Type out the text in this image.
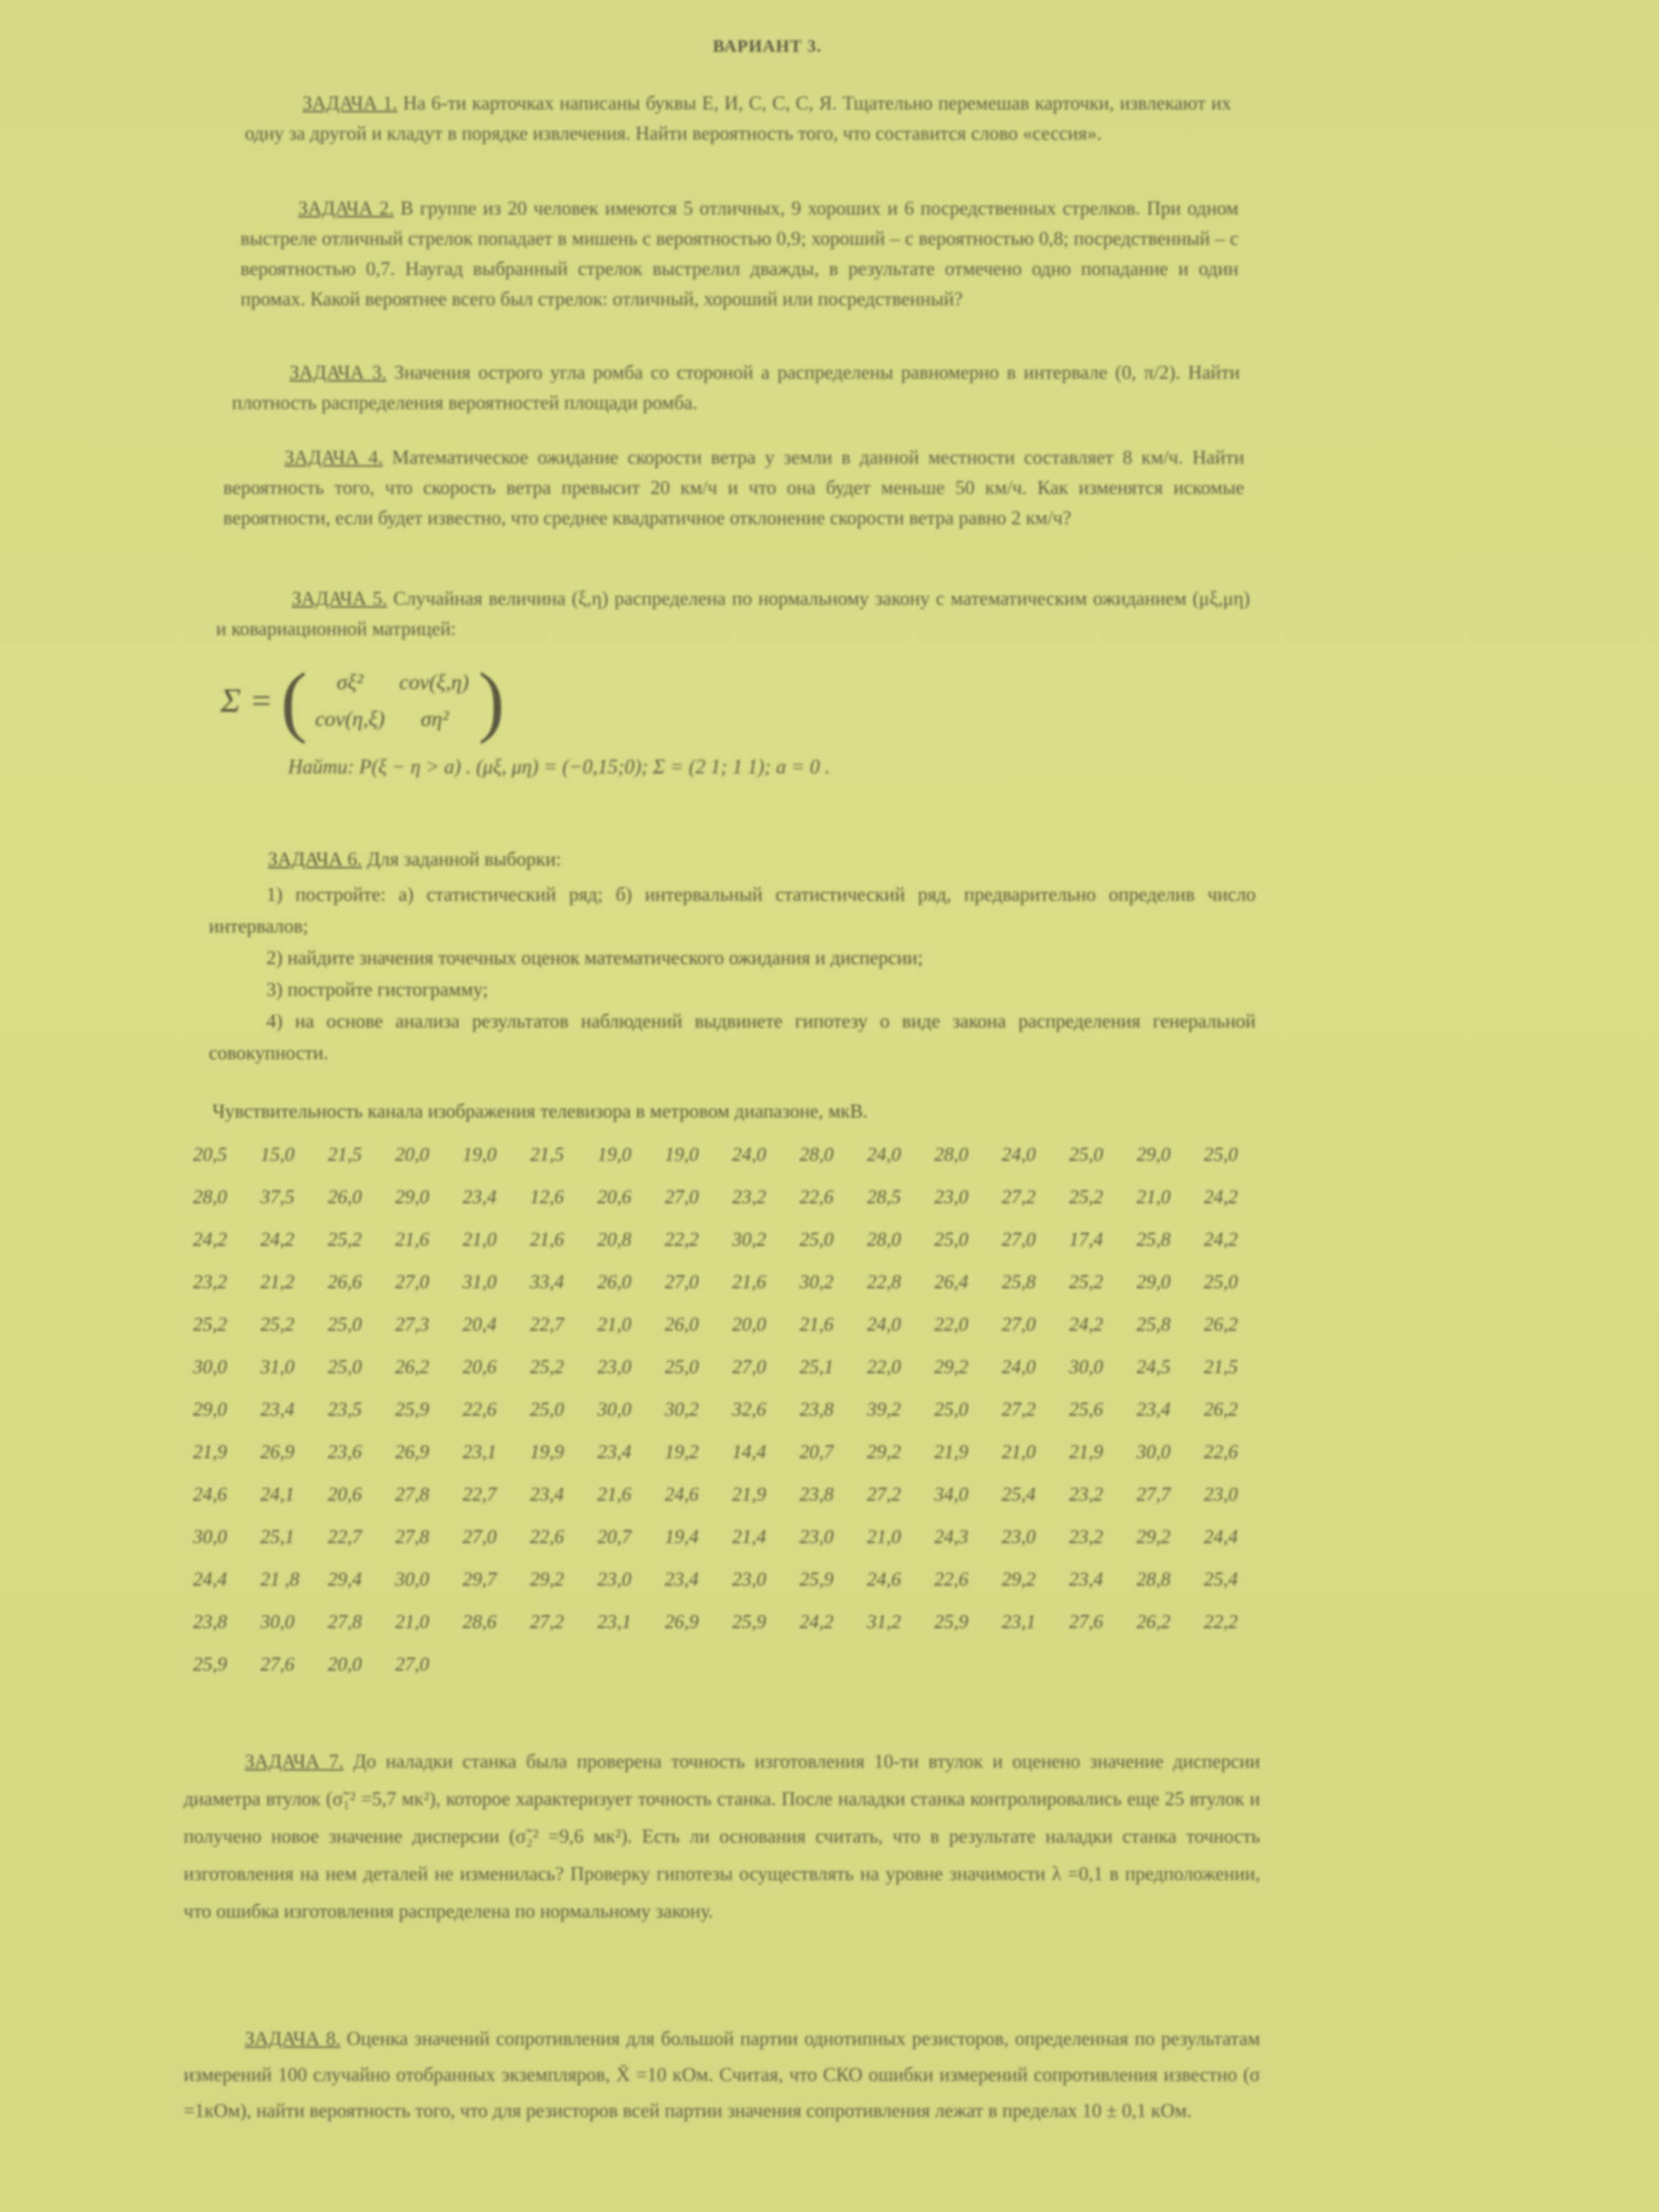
ВАРИАНТ 3.
ЗАДАЧА 1. На 6-ти карточках написаны буквы Е, И, С, С, С, Я. Тщательно перемешав карточки, извлекают их одну за другой и кладут в порядке извлечения. Найти вероятность того, что составится слово «сессия».
ЗАДАЧА 2. В группе из 20 человек имеются 5 отличных, 9 хороших и 6 посредственных стрелков. При одном выстреле отличный стрелок попадает в мишень с вероятностью 0,9; хороший – с вероятностью 0,8; посредственный – с вероятностью 0,7. Наугад выбранный стрелок выстрелил дважды, в результате отмечено одно попадание и один промах. Какой вероятнее всего был стрелок: отличный, хороший или посредственный?
ЗАДАЧА 3. Значения острого угла ромба со стороной a распределены равномерно в интервале (0, π/2). Найти плотность распределения вероятностей площади ромба.
ЗАДАЧА 4. Математическое ожидание скорости ветра у земли в данной местности составляет 8 км/ч. Найти вероятность того, что скорость ветра превысит 20 км/ч и что она будет меньше 50 км/ч. Как изменятся искомые вероятности, если будет известно, что среднее квадратичное отклонение скорости ветра равно 2 км/ч?
ЗАДАЧА 5. Случайная величина (ξ,η) распределена по нормальному закону с математическим ожиданием (μξ,μη) и ковариационной матрицей:
Σ =	(	σξ²	cov(ξ,η)	)
		cov(η,ξ)	ση²	
Найти: P(ξ − η > a) . (μξ, μη) = (−0,15;0); Σ = (2 1; 1 1); a = 0 .
ЗАДАЧА 6. Для заданной выборки:
1) постройте: а) статистический ряд; б) интервальный статистический ряд, предварительно определив число интервалов;
2) найдите значения точечных оценок математического ожидания и дисперсии;
3) постройте гистограмму;
4) на основе анализа результатов наблюдений выдвинете гипотезу о виде закона распределения генеральной совокупности.
Чувствительность канала изображения телевизора в метровом диапазоне, мкВ.
20,5	15,0	21,5	20,0	19,0	21,5	19,0	19,0	24,0	28,0	24,0	28,0	24,0	25,0	29,0	25,0
28,0	37,5	26,0	29,0	23,4	12,6	20,6	27,0	23,2	22,6	28,5	23,0	27,2	25,2	21,0	24,2
24,2	24,2	25,2	21,6	21,0	21,6	20,8	22,2	30,2	25,0	28,0	25,0	27,0	17,4	25,8	24,2
23,2	21,2	26,6	27,0	31,0	33,4	26,0	27,0	21,6	30,2	22,8	26,4	25,8	25,2	29,0	25,0
25,2	25,2	25,0	27,3	20,4	22,7	21,0	26,0	20,0	21,6	24,0	22,0	27,0	24,2	25,8	26,2
30,0	31,0	25,0	26,2	20,6	25,2	23,0	25,0	27,0	25,1	22,0	29,2	24,0	30,0	24,5	21,5
29,0	23,4	23,5	25,9	22,6	25,0	30,0	30,2	32,6	23,8	39,2	25,0	27,2	25,6	23,4	26,2
21,9	26,9	23,6	26,9	23,1	19,9	23,4	19,2	14,4	20,7	29,2	21,9	21,0	21,9	30,0	22,6
24,6	24,1	20,6	27,8	22,7	23,4	21,6	24,6	21,9	23,8	27,2	34,0	25,4	23,2	27,7	23,0
30,0	25,1	22,7	27,8	27,0	22,6	20,7	19,4	21,4	23,0	21,0	24,3	23,0	23,2	29,2	24,4
24,4	21 ,8	29,4	30,0	29,7	29,2	23,0	23,4	23,0	25,9	24,6	22,6	29,2	23,4	28,8	25,4
23,8	30,0	27,8	21,0	28,6	27,2	23,1	26,9	25,9	24,2	31,2	25,9	23,1	27,6	26,2	22,2
25,9	27,6	20,0	27,0
ЗАДАЧА 7. До наладки станка была проверена точность изготовления 10-ти втулок и оценено значение дисперсии диаметра втулок (σ̃₁² =5,7 мк²), которое характеризует точность станка. После наладки станка контролировались еще 25 втулок и получено новое значение дисперсии (σ̃₂² =9,6 мк²). Есть ли основания считать, что в результате наладки станка точность изготовления на нем деталей не изменилась? Проверку гипотезы осуществлять на уровне значимости λ =0,1 в предположении, что ошибка изготовления распределена по нормальному закону.
ЗАДАЧА 8. Оценка значений сопротивления для большой партии однотипных резисторов, определенная по результатам измерений 100 случайно отобранных экземпляров, X̄ =10 кОм. Считая, что СКО ошибки измерений сопротивления известно (σ =1кОм), найти вероятность того, что для резисторов всей партии значения сопротивления лежат в пределах 10 ± 0,1 кОм.
